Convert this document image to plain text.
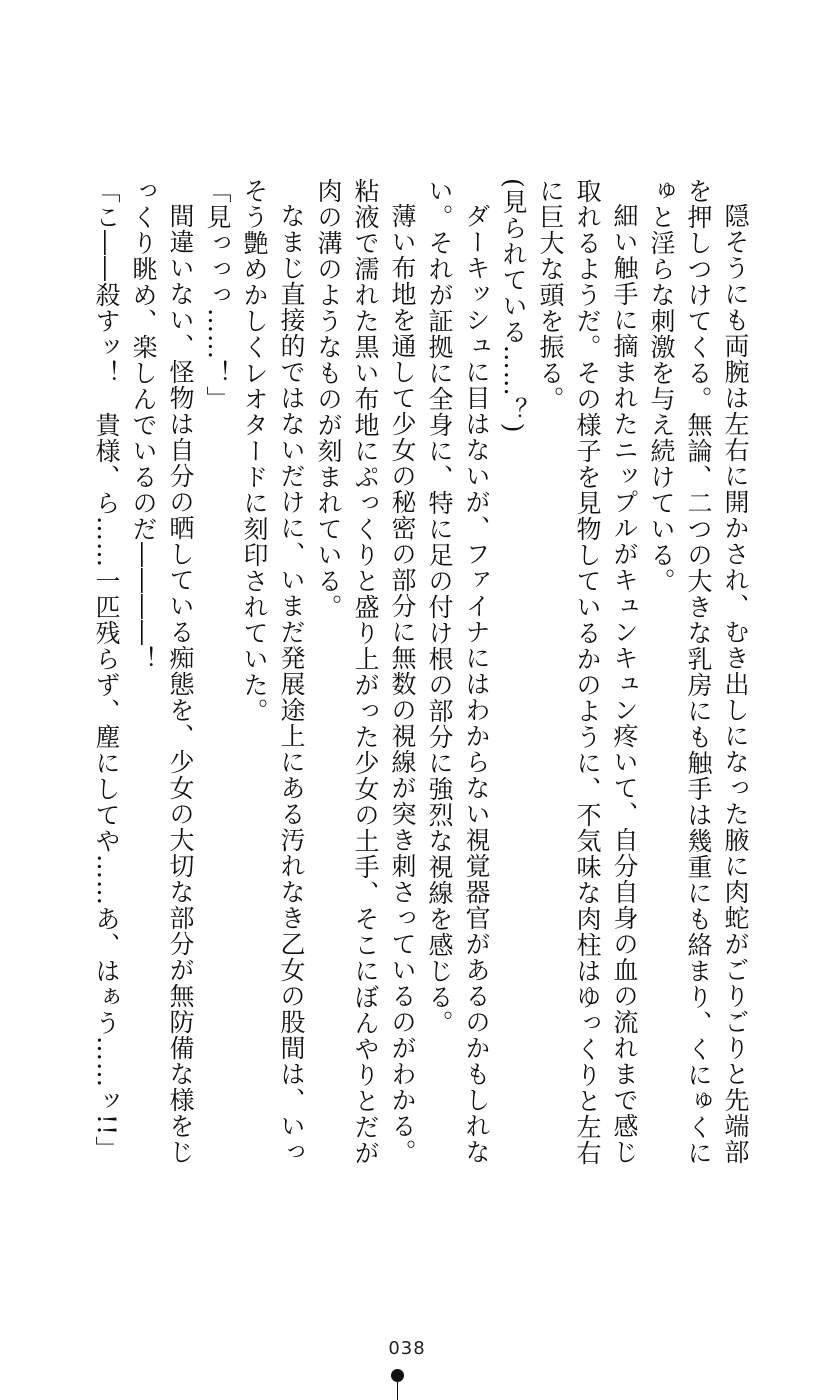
隠そうにも両腕は左右に開かされ、むき出しになった腋に肉蛇がごりごりと先端部を押しつけてくる。無論、二つの大きな乳房にも触手は幾重にも絡まり、くにゅくにゅと淫らな刺激を与え続けている。

細い触手に摘まれたニップルがキュンキュン疼いて、自分自身の血の流れまで感じ取れるようだ。その様子を見物しているかのように、不気味な肉柱はゆっくりと左右に巨大な頭を振る。

(見られている……？)

ダーキッシュに目はないが、ファイナにはわからない視覚器官があるのかもしれない。それが証拠に全身に、特に足の付け根の部分に強烈な視線を感じる。

薄い布地を通して少女の秘密の部分に無数の視線が突き刺さっているのがわかる。粘液で濡れた黒い布地にぷっくりと盛り上がった少女の土手、そこにぼんやりとだが肉の溝のようなものが刻まれている。

なまじ直接的ではないだけに、いまだ発展途上にある汚れなき乙女の股間は、いっそう艶めかしくレオタードに刻印されていた。

「見っっっ……！」

間違いない、怪物は自分の晒している痴態を、少女の大切な部分が無防備な様をじっくり眺め、楽しんでいるのだ――――！

「こ――殺すッ！　貴様、ら……一匹残らず、塵にしてや……あ、はぁう……ッ!!」

038
